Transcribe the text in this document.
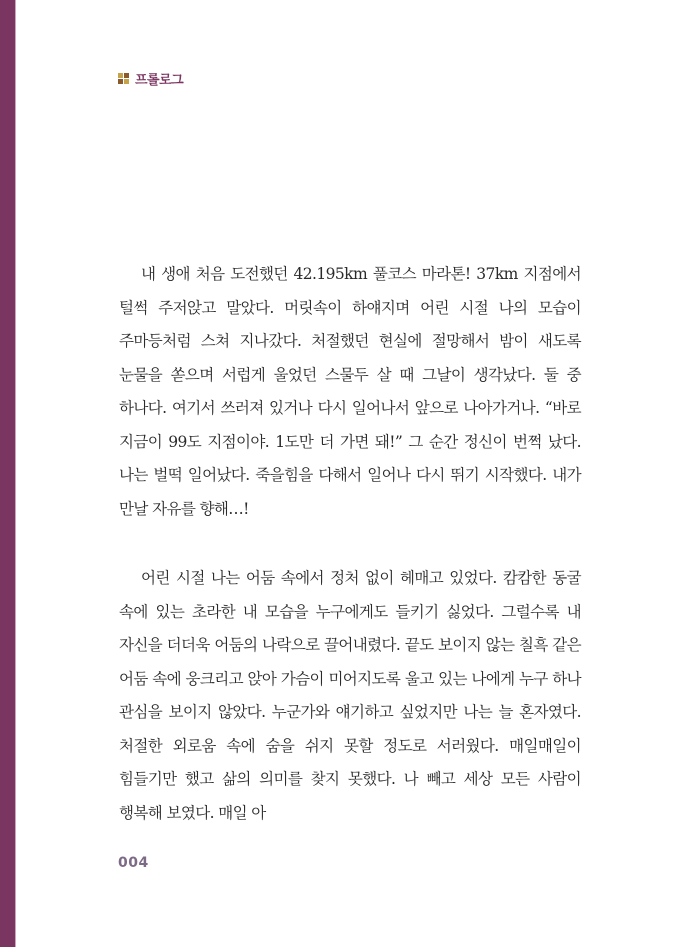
프롤로그

내 생애 처음 도전했던 42.195km 풀코스 마라톤! 37km 지점에서 털썩 주저앉고 말았다. 머릿속이 하얘지며 어린 시절 나의 모습이 주마등처럼 스쳐 지나갔다. 처절했던 현실에 절망해서 밤이 새도록 눈물을 쏟으며 서럽게 울었던 스물두 살 때 그날이 생각났다. 둘 중 하나다. 여기서 쓰러져 있거나 다시 일어나서 앞으로 나아가거나. “바로 지금이 99도 지점이야. 1도만 더 가면 돼!” 그 순간 정신이 번쩍 났다. 나는 벌떡 일어났다. 죽을힘을 다해서 일어나 다시 뛰기 시작했다. 내가 만날 자유를 향해…!

어린 시절 나는 어둠 속에서 정처 없이 헤매고 있었다. 캄캄한 동굴 속에 있는 초라한 내 모습을 누구에게도 들키기 싫었다. 그럴수록 내 자신을 더더욱 어둠의 나락으로 끌어내렸다. 끝도 보이지 않는 칠흑 같은 어둠 속에 웅크리고 앉아 가슴이 미어지도록 울고 있는 나에게 누구 하나 관심을 보이지 않았다. 누군가와 얘기하고 싶었지만 나는 늘 혼자였다. 처절한 외로움 속에 숨을 쉬지 못할 정도로 서러웠다. 매일매일이 힘들기만 했고 삶의 의미를 찾지 못했다. 나 빼고 세상 모든 사람이 행복해 보였다. 매일 아

004
